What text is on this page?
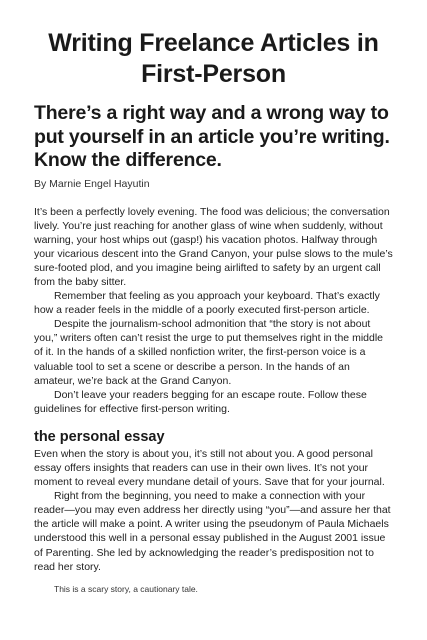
Writing Freelance Articles in First-Person
There’s a right way and a wrong way to put yourself in an article you’re writing. Know the difference.
By Marnie Engel Hayutin

It’s been a perfectly lovely evening. The food was delicious; the conversation lively. You’re just reaching for another glass of wine when suddenly, without warning, your host whips out (gasp!) his vacation photos. Halfway through your vicarious descent into the Grand Canyon, your pulse slows to the mule’s sure-footed plod, and you imagine being airlifted to safety by an urgent call from the baby sitter.

Remember that feeling as you approach your keyboard. That’s exactly how a reader feels in the middle of a poorly executed first-person article.

Despite the journalism-school admonition that “the story is not about you,” writers often can’t resist the urge to put themselves right in the middle of it. In the hands of a skilled nonfiction writer, the first-person voice is a valuable tool to set a scene or describe a person. In the hands of an amateur, we’re back at the Grand Canyon.

Don’t leave your readers begging for an escape route. Follow these guidelines for effective first-person writing.

the personal essay

Even when the story is about you, it’s still not about you. A good personal essay offers insights that readers can use in their own lives. It’s not your moment to reveal every mundane detail of yours. Save that for your journal.

Right from the beginning, you need to make a connection with your reader—you may even address her directly using “you”—and assure her that the article will make a point. A writer using the pseudonym of Paula Michaels understood this well in a personal essay published in the August 2001 issue of Parenting. She led by acknowledging the reader’s predisposition not to read her story.

This is a scary story, a cautionary tale.
